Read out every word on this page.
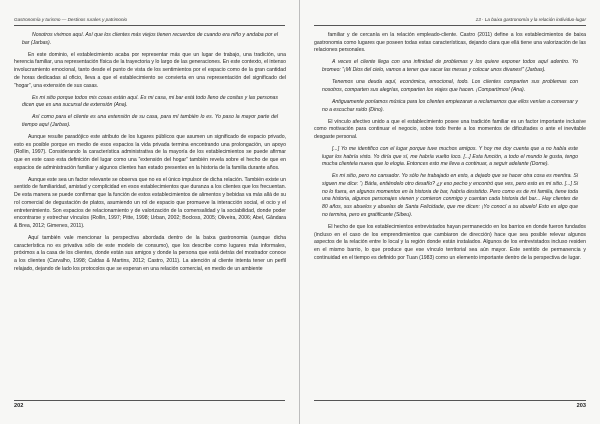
Gastronomía y turismo — Destinos rurales y patrimonio

Nosotros vivimos aquí. Así que los clientes más viejos tienen recuerdos de cuando era niño y andaba por el bar (Jarbas).

En este dominio, el establecimiento acaba por representar más que un lugar de trabajo, una tradición, una herencia familiar, una representación física de la trayectoria y lo largo de las generaciones. En este contexto, el intenso involucramiento emocional, tanto desde el punto de vista de los sentimientos por el espacio como de la gran cantidad de horas dedicadas al oficio, lleva a que el establecimiento se convierta en una representación del significado del “hogar”, una extensión de sus casas.

Es mi sitio porque todos mis cosas están aquí. Es mi casa, mi bar está todo lleno de cositas y las personas dicen que es una sucursal de extensión (Ana).

Así como para el cliente es una extensión de su casa, para mí también lo es. Yo paso la mayor parte del tiempo aquí (Jarbas).

Aunque resulte paradójico este atributo de los lugares públicos que asumen un significado de espacio privado, esto es posible porque en medio de esos espacios la vida privada termina encontrando una prolongación, un apoyo (Rollin, 1997). Considerando la característica administrativa de la mayoría de los establecimientos se puede afirmar que en este caso esta definición del lugar como una “extensión del hogar” también revela sobre el hecho de que en espacios de administración familiar y algunos clientes han estado presentes en la historia de la familia durante años.

Aunque este sea un factor relevante se observa que no es el único impulsor de dicha relación. También existe un sentido de familiaridad, amistad y complicidad en esos establecimientos que duranza a los clientes que los frecuentan. De esta manera se puede confirmar que la función de estos establecimientos de alimentos y bebidas va más allá de su rol comercial de degustación de platos, asumiendo un rol de espacio que promueve la interacción social, el ocio y el entretenimiento. Son espacios de relacionamiento y de valorización de la comensalidad y la sociabilidad, donde poder encontrarse y estrechar vínculos (Rollin, 1997; Pitte, 1998; Urban, 2002; Bocloss, 2005; Oliveira, 2006; Abel, Gândara & Brea, 2012; Gimenes, 2011).

Aquí también vale mencionar la perspectiva abordada dentro de la baixa gastronomia (aunque dicha característica no es privativa sólo de este modelo de consumo), que los describe como lugares más informales, próximos a la casa de los clientes, donde están sus amigos y donde la persona que está detrás del mostrador conoce a los clientes (Carvalho, 1998; Caldas & Martins, 2012; Castro, 2011). La atención al cliente intenta tener un perfil relajado, dejando de lado los protocolos que se esperan en una relación comercial, en medio de un ambiente

202
13 · La baixa gastronomía y la relación individuo-lugar

familiar y de cercanía en la relación empleado-cliente. Castro (2011) define a los establecimientos de baixa gastronomia como lugares que poseen todas estas características, dejando clara que ellá tiene una valorización de las relaciones personales.

A veces el cliente llega con una infinidad de problemas y los quiere exponer todos aquí adentro. Yo bromeo: “¡Mi Dios del cielo, vamos a tener que sacar las mesas y colocar unos divanes!” (Jarbas).

Tenemos una deuda aquí, económica, emocional, todo. Los clientes comparten sus problemas con nosotros, comparten sus alegrías, comparten los viajes que hacen. ¡Compartimos! (Ana).

Antiguamente poníamos música para los clientes empiezaran a reclamarnos que ellos venían a conversar y no a escuchar ruido (Dino).

El vínculo afectivo unido a que el establecimiento posee una tradición familiar es un factor importante inclusive como motivación para continuar el negocio, sobre todo frente a los momentos de dificultades o ante el inevitable desgaste personal.

[...] Yo me identifico con el lugar porque tuve muchos amigos. Y hoy me doy cuenta que a no había este lugar los habría visto. Yo diría que sí, me habría vuelto loco. [...] Esta función, a todo el mundo le gusta, tengo mucha clientela nueva que lo elogia. Entonces esto me lleva a continuar, a seguir adelante (Dorne).

Es mi sitio, pero no cansador. Yo sólo he trabajado en esto, a dejado que se hacer otra cosa es mentira. Si siguen me dice: “¡ Bárla, entiéndelo otro desafío? ¿y eso pecho y encontró que ves, pero esto es mi sitio. [...] Si no lo fuera, en algunos momentos en la historia de bar, habría desistido. Pero como es de mi familia, tiene toda una historia, algunos personajes vienen y comieron conmigo y cuentan cada historia del bar... Hay clientes de 80 años, sus abuelos y abuelas de Santa Felicidade, que me dicen: ¡Yo conocí a su abuelo! Esto es algo que no termina, pero es gratificante (Sibeu).

El hecho de que los establecimientos entrevistados hayan permanecido en los barrios en donde fueron fundados (incluso en el caso de los emprendimientos que cambiaron de dirección) hace que sea posible relevar algunos aspectos de la relación entre lo local y la región donde están instalados. Algunos de los entrevistados incluso residen en el mismo barrio, lo que produce que ese vínculo territorial sea aún mayor. Este sentido de permanencia y continuidad en el tiempo es definido por Tuan (1983) como un elemento importante dentro de la perspectiva de lugar.

203
